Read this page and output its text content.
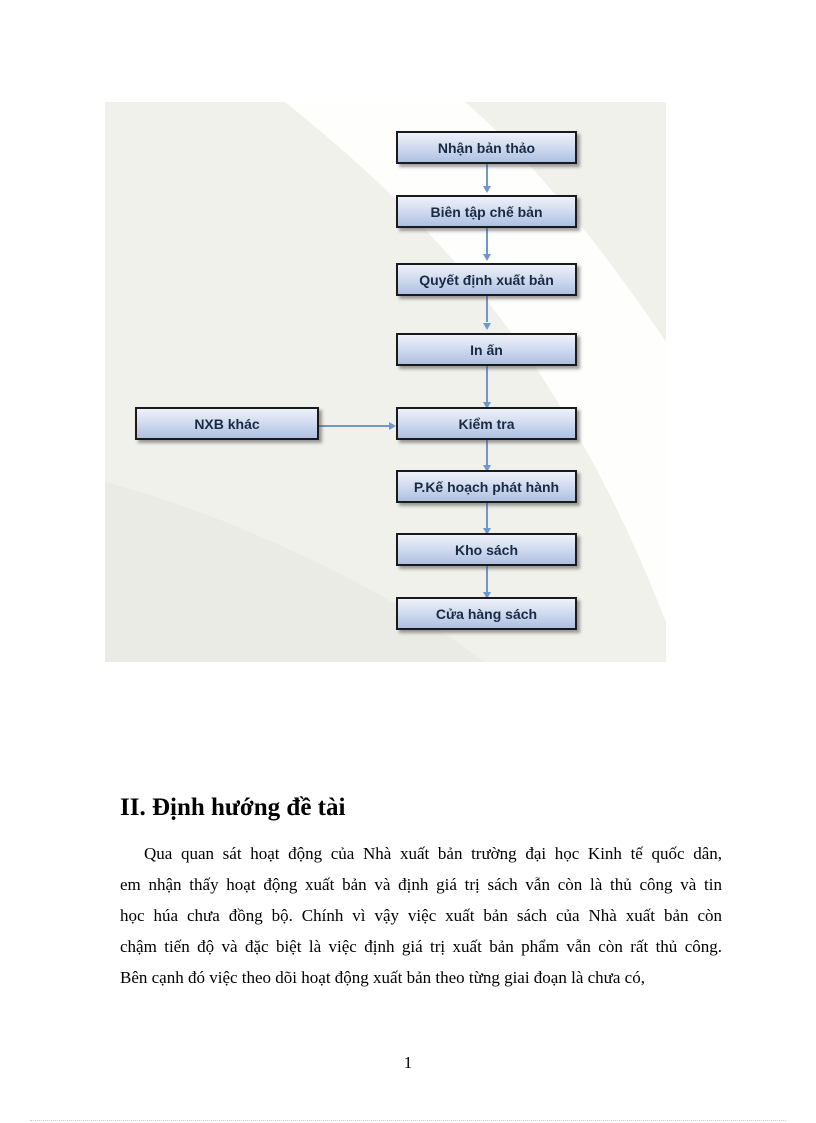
Nhận bản thảo
Biên tập chế bản
Quyết định xuất bản
In ấn
Kiểm tra
P.Kế hoạch phát hành
Kho sách
Cửa hàng sách
NXB khác
II. Định hướng đề tài
Qua quan sát hoạt động của Nhà xuất bản trường đại học Kinh tế quốc dân,
em nhận thấy hoạt động xuất bản và định giá trị sách vẫn còn là thủ công và tin
học húa chưa đồng bộ. Chính vì vậy việc xuất bản sách của Nhà xuất bản còn
chậm tiến độ và đặc biệt là việc định giá trị xuất bản phẩm vẫn còn rất thủ công.
Bên cạnh đó việc theo dõi hoạt động xuất bản theo từng giai đoạn là chưa có,
1
